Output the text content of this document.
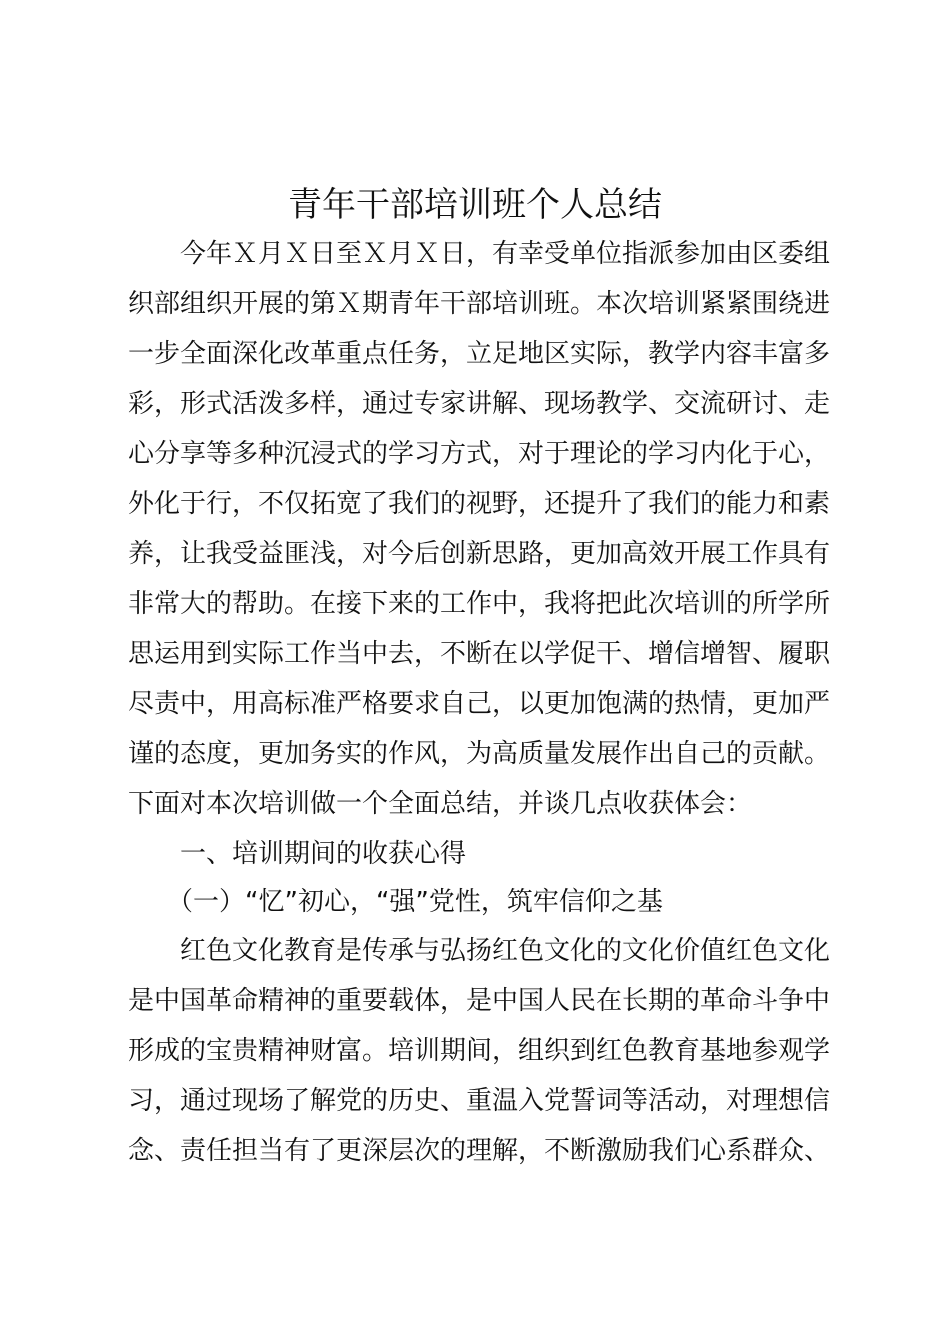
青年干部培训班个人总结
　　今年Ｘ月Ｘ日至Ｘ月Ｘ日，有幸受单位指派参加由区委组
织部组织开展的第Ｘ期青年干部培训班。本次培训紧紧围绕进
一步全面深化改革重点任务，立足地区实际，教学内容丰富多
彩，形式活泼多样，通过专家讲解、现场教学、交流研讨、走
心分享等多种沉浸式的学习方式，对于理论的学习内化于心，
外化于行，不仅拓宽了我们的视野，还提升了我们的能力和素
养，让我受益匪浅，对今后创新思路，更加高效开展工作具有
非常大的帮助。在接下来的工作中，我将把此次培训的所学所
思运用到实际工作当中去，不断在以学促干、增信增智、履职
尽责中，用高标准严格要求自己，以更加饱满的热情，更加严
谨的态度，更加务实的作风，为高质量发展作出自己的贡献。
下面对本次培训做一个全面总结，并谈几点收获体会：
　　一、培训期间的收获心得
　　（一）“忆”初心，“强”党性，筑牢信仰之基
　　红色文化教育是传承与弘扬红色文化的文化价值红色文化
是中国革命精神的重要载体，是中国人民在长期的革命斗争中
形成的宝贵精神财富。培训期间，组织到红色教育基地参观学
习，通过现场了解党的历史、重温入党誓词等活动，对理想信
念、责任担当有了更深层次的理解，不断激励我们心系群众、
